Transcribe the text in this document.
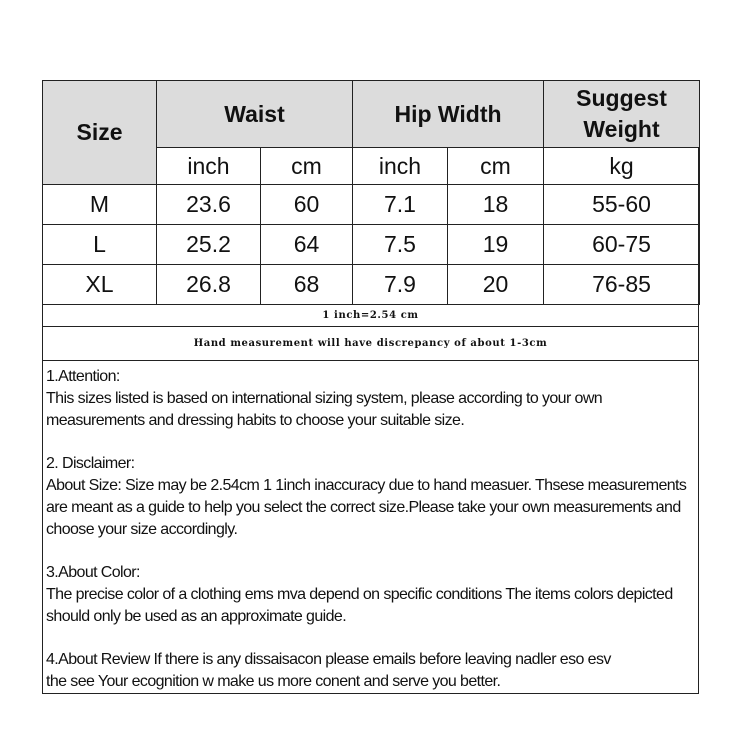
Size	Waist		Hip Width		Suggest Weight
	inch	cm	inch	cm	kg
M	23.6	60	7.1	18	55-60
L	25.2	64	7.5	19	60-75
XL	26.8	68	7.9	20	76-85
1 inch=2.54 cm
Hand measurement will have discrepancy of about 1-3cm

1.Attention:
This sizes listed is based on international sizing system, please according to your own measurements and dressing habits to choose your suitable size.

2. Disclaimer:
About Size: Size may be 2.54cm 1 1inch inaccuracy due to hand measuer. Thsese measurements are meant as a guide to help you select the correct size.Please take your own measurements and choose your size accordingly.

3.About Color:
The precise color of a clothing ems mva depend on specific conditions The items colors depicted should only be used as an approximate guide.

4.About Review If there is any dissaisacon please emails before leaving nadler eso esv
the see Your ecognition w make us more conent and serve you better.
